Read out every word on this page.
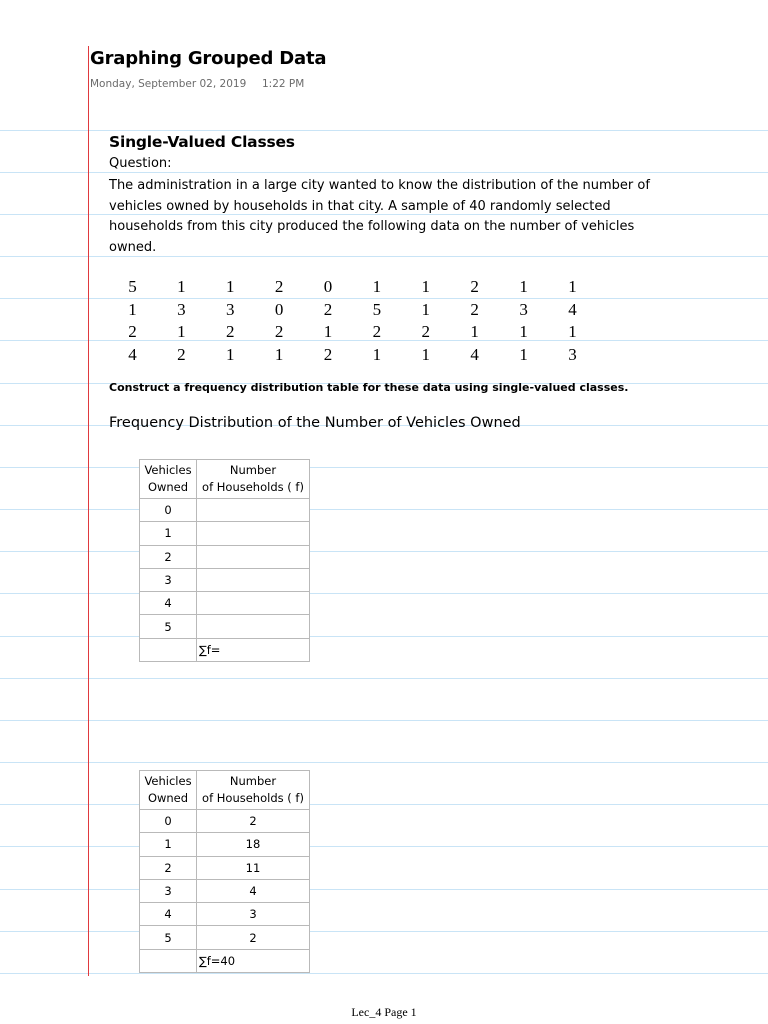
Graphing Grouped Data
Monday, September 02, 2019 1:22 PM
Single-Valued Classes
Question:
The administration in a large city wanted to know the distribution of the number of vehicles owned by households in that city. A sample of 40 randomly selected households from this city produced the following data on the number of vehicles owned.
5	1	1	2	0	1	1	2	1	1
1	3	3	0	2	5	1	2	3	4
2	1	2	2	1	2	2	1	1	1
4	2	1	1	2	1	1	4	1	3
Construct a frequency distribution table for these data using single-valued classes.
Frequency Distribution of the Number of Vehicles Owned
Vehicles
Owned	Number
of Households ( f)
0	
1	
2	
3	
4	
5	
	∑f=
Vehicles
Owned	Number
of Households ( f)
0	2
1	18
2	11
3	4
4	3
5	2
	∑f=40
Lec_4 Page 1
